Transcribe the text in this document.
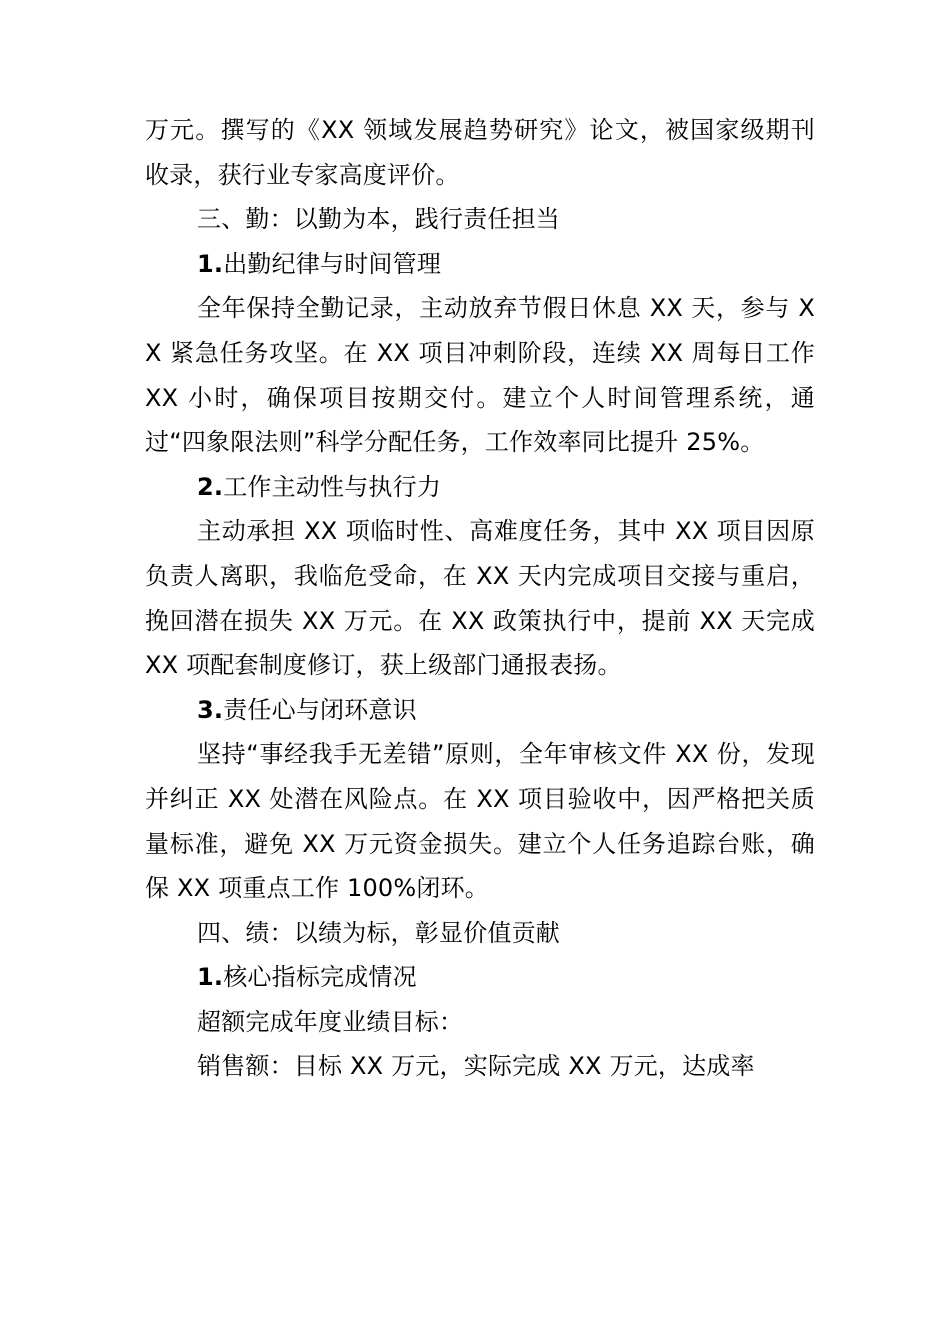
万元。撰写的《XX 领域发展趋势研究》论文，被国家级期刊收录，获行业专家高度评价。

三、勤：以勤为本，践行责任担当

1.出勤纪律与时间管理

全年保持全勤记录，主动放弃节假日休息 XX 天，参与 XX 紧急任务攻坚。在 XX 项目冲刺阶段，连续 XX 周每日工作 XX 小时，确保项目按期交付。建立个人时间管理系统，通过“四象限法则”科学分配任务，工作效率同比提升 25%。

2.工作主动性与执行力

主动承担 XX 项临时性、高难度任务，其中 XX 项目因原负责人离职，我临危受命，在 XX 天内完成项目交接与重启，挽回潜在损失 XX 万元。在 XX 政策执行中，提前 XX 天完成 XX 项配套制度修订，获上级部门通报表扬。

3.责任心与闭环意识

坚持“事经我手无差错”原则，全年审核文件 XX 份，发现并纠正 XX 处潜在风险点。在 XX 项目验收中，因严格把关质量标准，避免 XX 万元资金损失。建立个人任务追踪台账，确保 XX 项重点工作 100%闭环。

四、绩：以绩为标，彰显价值贡献

1.核心指标完成情况

超额完成年度业绩目标：

销售额：目标 XX 万元，实际完成 XX 万元，达成率
